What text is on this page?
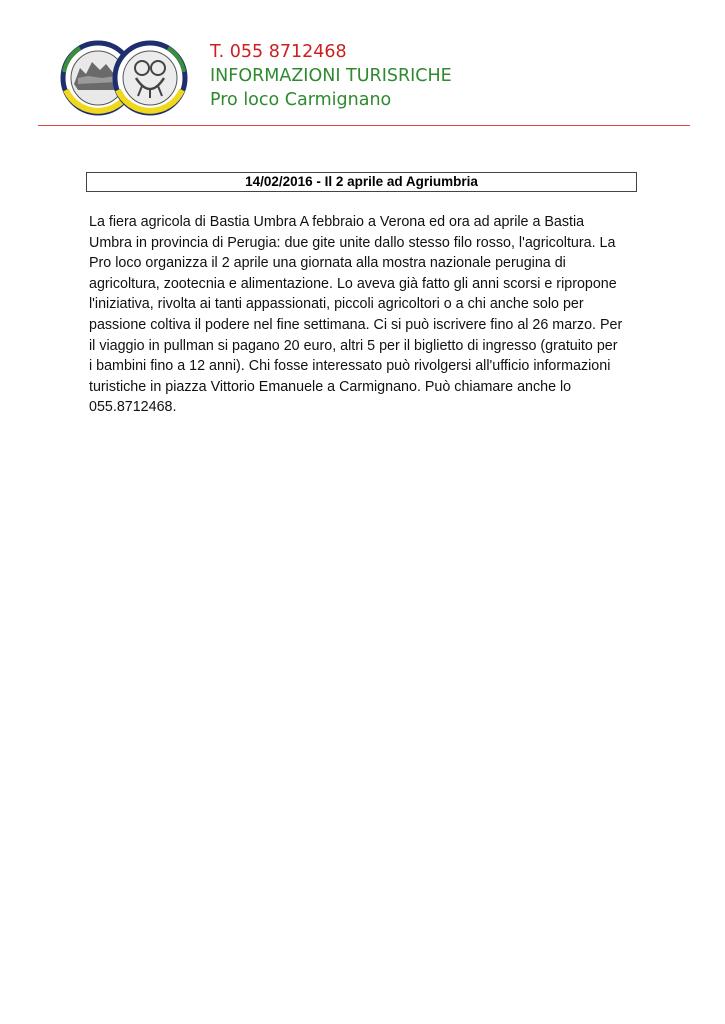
T. 055 8712468
INFORMAZIONI TURISRICHE
Pro loco Carmignano
14/02/2016 - Il 2 aprile ad Agriumbria
La fiera agricola di Bastia Umbra A febbraio a Verona ed ora ad aprile a Bastia
Umbra in provincia di Perugia: due gite unite dallo stesso filo rosso, l'agricoltura. La
Pro loco organizza il 2 aprile una giornata alla mostra nazionale perugina di
agricoltura, zootecnia e alimentazione. Lo aveva già fatto gli anni scorsi e ripropone
l'iniziativa, rivolta ai tanti appassionati, piccoli agricoltori o a chi anche solo per
passione coltiva il podere nel fine settimana. Ci si può iscrivere fino al 26 marzo. Per
il viaggio in pullman si pagano 20 euro, altri 5 per il biglietto di ingresso (gratuito per
i bambini fino a 12 anni). Chi fosse interessato può rivolgersi all'ufficio informazioni
turistiche in piazza Vittorio Emanuele a Carmignano. Può chiamare anche lo
055.8712468.
